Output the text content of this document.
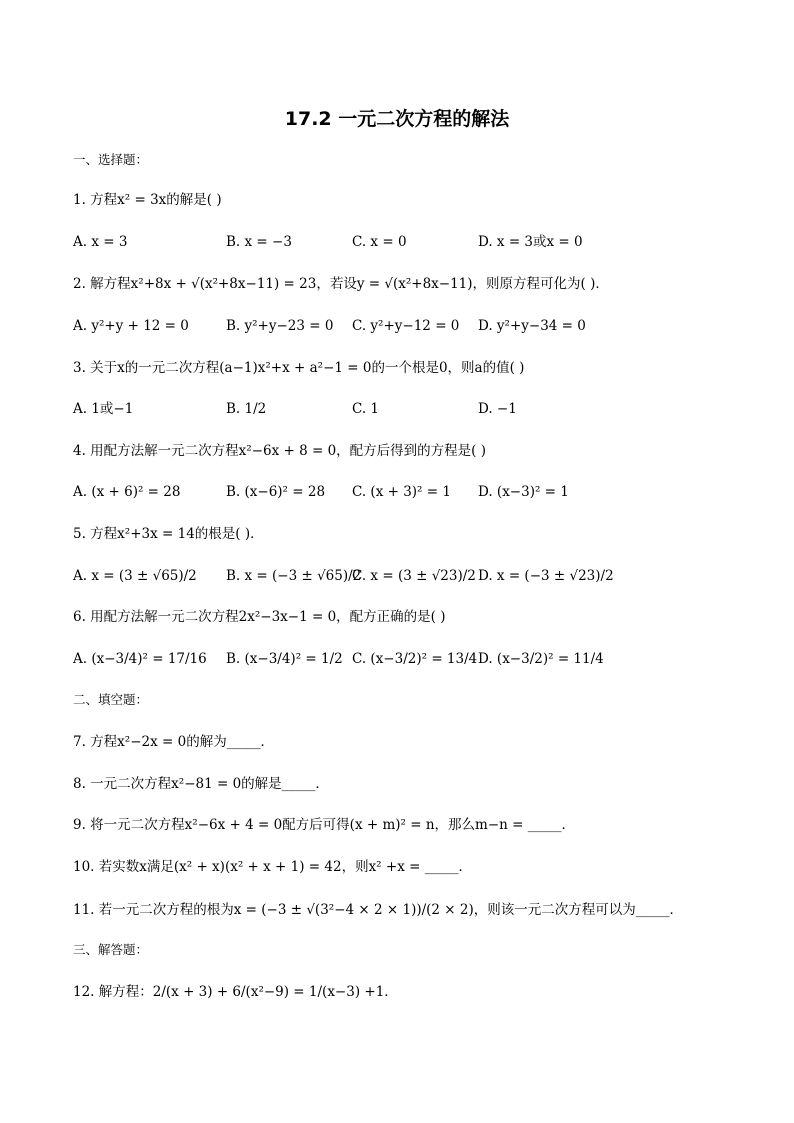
17.2 一元二次方程的解法
一、选择题：
1. 方程x² = 3x的解是( )
A. x = 3	B. x = −3	C. x = 0	D. x = 3或x = 0
2. 解方程x²+8x + √(x²+8x−11) = 23，若设y = √(x²+8x−11)，则原方程可化为( )．
A. y²+y + 12 = 0	B. y²+y−23 = 0 C. y²+y−12 = 0 D. y²+y−34 = 0
3. 关于x的一元二次方程(a−1)x²+x + a²−1 = 0的一个根是0，则a的值( )
A. 1或−1	B. 1/2	C. 1	D. −1
4. 用配方法解一元二次方程x²−6x + 8 = 0，配方后得到的方程是( )
A. (x + 6)² = 28	B. (x−6)² = 28 C. (x + 3)² = 1 D. (x−3)² = 1
5. 方程x²+3x = 14的根是( )．
A. x = (3 ± √65)/2 B. x = (−3 ± √65)/2
C. x = (3 ± √23)/2 D. x = (−3 ± √23)/2
6. 用配方法解一元二次方程2x²−3x−1 = 0，配方正确的是( )
A. (x−3/4)² = 17/16 B. (x−3/4)² = 1/2 C. (x−3/2)² = 13/4 D. (x−3/2)² = 11/4
二、填空题：
7. 方程x²−2x = 0的解为_____．
8. 一元二次方程x²−81 = 0的解是_____．
9. 将一元二次方程x²−6x + 4 = 0配方后可得(x + m)² = n，那么m−n = _____．
10. 若实数x满足(x² + x)(x² + x + 1) = 42，则x² +x = _____．
11. 若一元二次方程的根为x = (−3 ± √(3²−4 × 2 × 1))/(2 × 2)，则该一元二次方程可以为_____．
三、解答题：
12. 解方程：2/(x + 3) + 6/(x²−9) = 1/(x−3) +1．
